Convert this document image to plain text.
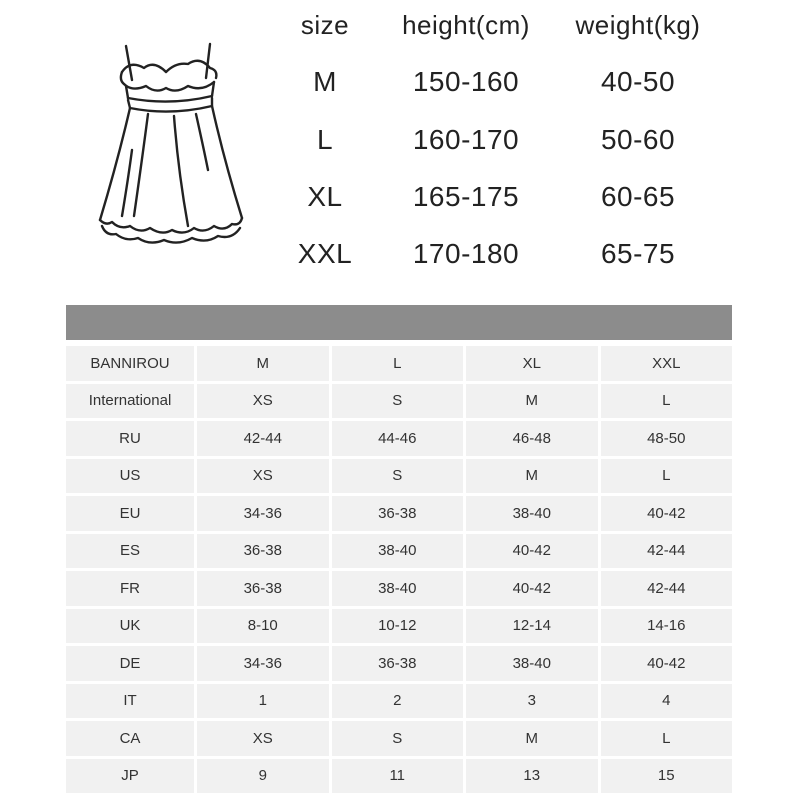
size	height(cm)	weight(kg)
M	150-160	40-50
L	160-170	50-60
XL	165-175	60-65
XXL	170-180	65-75
BANNIROU	M	L	XL	XXL
International	XS	S	M	L
RU	42-44	44-46	46-48	48-50
US	XS	S	M	L
EU	34-36	36-38	38-40	40-42
ES	36-38	38-40	40-42	42-44
FR	36-38	38-40	40-42	42-44
UK	8-10	10-12	12-14	14-16
DE	34-36	36-38	38-40	40-42
IT	1	2	3	4
CA	XS	S	M	L
JP	9	11	13	15
